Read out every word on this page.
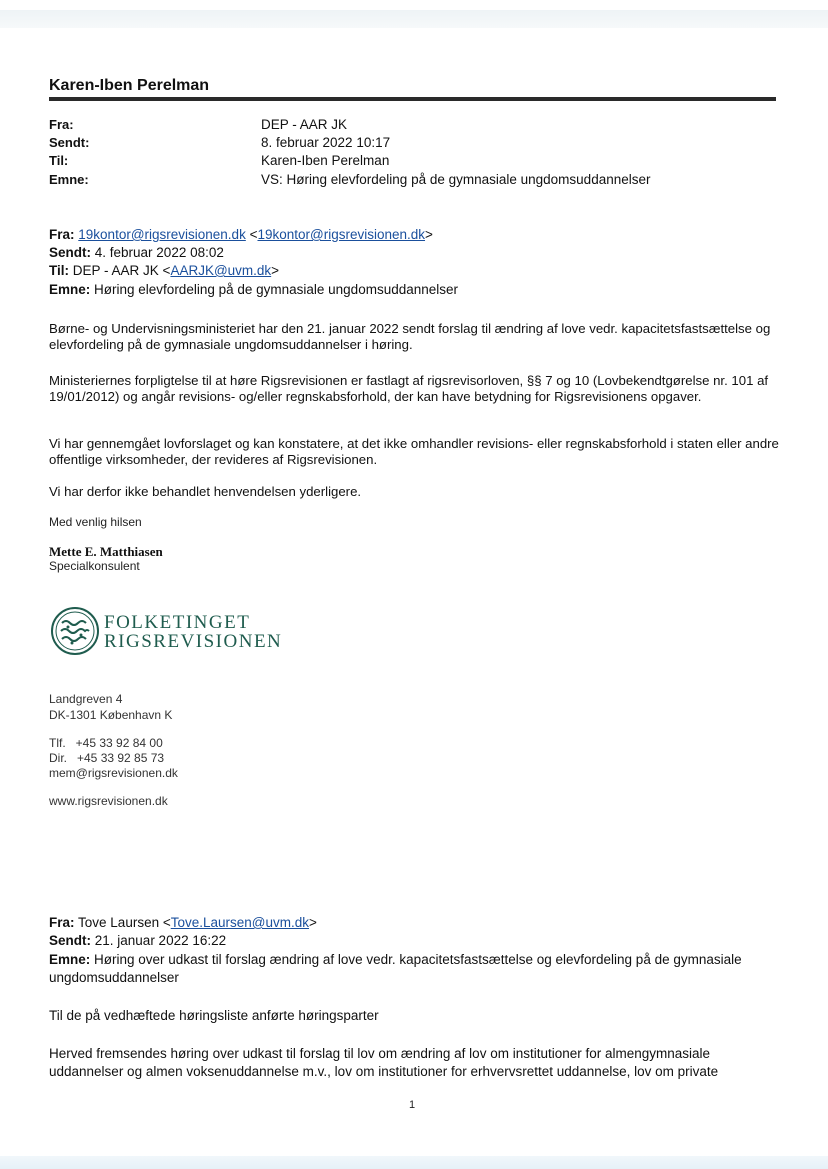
Karen-Iben Perelman
Fra:	DEP - AAR JK
Sendt:	8. februar 2022 10:17
Til:	Karen-Iben Perelman
Emne:	VS: Høring elevfordeling på de gymnasiale ungdomsuddannelser
Fra: 19kontor@rigsrevisionen.dk <19kontor@rigsrevisionen.dk>
Sendt: 4. februar 2022 08:02
Til: DEP - AAR JK <AARJK@uvm.dk>
Emne: Høring elevfordeling på de gymnasiale ungdomsuddannelser
Børne- og Undervisningsministeriet har den 21. januar 2022 sendt forslag til ændring af love vedr. kapacitetsfastsættelse og elevfordeling på de gymnasiale ungdomsuddannelser i høring.
Ministeriernes forpligtelse til at høre Rigsrevisionen er fastlagt af rigsrevisorloven, §§ 7 og 10 (Lovbekendtgørelse nr. 101 af 19/01/2012) og angår revisions- og/eller regnskabsforhold, der kan have betydning for Rigsrevisionens opgaver.
Vi har gennemgået lovforslaget og kan konstatere, at det ikke omhandler revisions- eller regnskabsforhold i staten eller andre offentlige virksomheder, der revideres af Rigsrevisionen.
Vi har derfor ikke behandlet henvendelsen yderligere.
Med venlig hilsen
Mette E. Matthiasen
Specialkonsulent
FOLKETINGET
RIGSREVISIONEN
Landgreven 4
DK-1301 København K
Tlf.   +45 33 92 84 00
Dir.   +45 33 92 85 73
mem@rigsrevisionen.dk
www.rigsrevisionen.dk
Fra: Tove Laursen <Tove.Laursen@uvm.dk>
Sendt: 21. januar 2022 16:22
Emne: Høring over udkast til forslag ændring af love vedr. kapacitetsfastsættelse og elevfordeling på de gymnasiale ungdomsuddannelser
Til de på vedhæftede høringsliste anførte høringsparter
Herved fremsendes høring over udkast til forslag til lov om ændring af lov om institutioner for almengymnasiale uddannelser og almen voksenuddannelse m.v., lov om institutioner for erhvervsrettet uddannelse, lov om private
1
